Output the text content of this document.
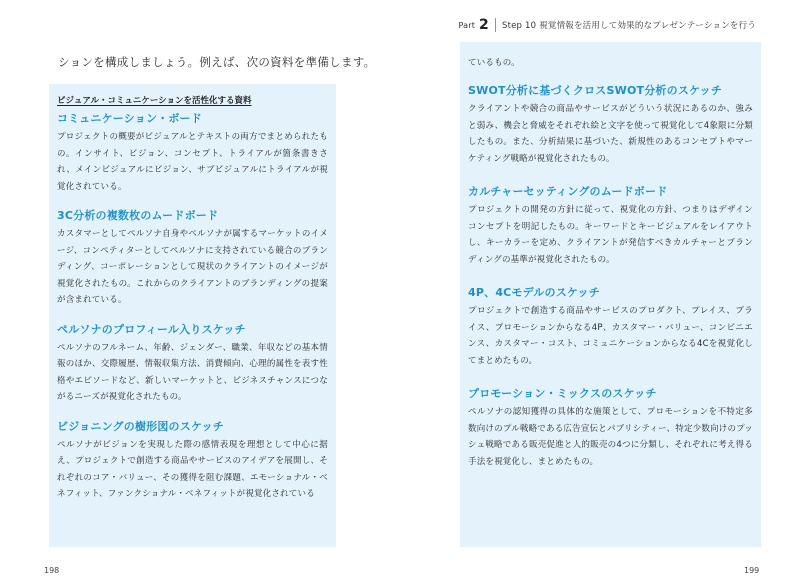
Part 2 Step 10 視覚情報を活用して効果的なプレゼンテーションを行う
ションを構成しましょう。例えば、次の資料を準備します。
ビジュアル・コミュニケーションを活性化する資料
コミュニケーション・ボード
プロジェクトの概要がビジュアルとテキストの両方でまとめられたもの。インサイト、ビジョン、コンセプト、トライアルが箇条書きされ、メインビジュアルにビジョン、サブビジュアルにトライアルが視覚化されている。
3C分析の複数枚のムードボード
カスタマーとしてペルソナ自身やペルソナが属するマーケットのイメージ、コンペティターとしてペルソナに支持されている競合のブランディング、コーポレーションとして現状のクライアントのイメージが視覚化されたもの。これからのクライアントのブランディングの提案が含まれている。
ペルソナのプロフィール入りスケッチ
ペルソナのフルネーム、年齢、ジェンダー、職業、年収などの基本情報のほか、交際履歴、情報収集方法、消費傾向、心理的属性を表す性格やエピソードなど、新しいマーケットと、ビジネスチャンスにつながるニーズが視覚化されたもの。
ビジョニングの樹形図のスケッチ
ペルソナがビジョンを実現した際の感情表現を理想として中心に据え、プロジェクトで創造する商品やサービスのアイデアを展開し、それぞれのコア・バリュー、その獲得を阻む課題、エモーショナル・ベネフィット、ファンクショナル・ベネフィットが視覚化されている
ているもの。
SWOT分析に基づくクロスSWOT分析のスケッチ
クライアントや競合の商品やサービスがどういう状況にあるのか、強みと弱み、機会と脅威をそれぞれ絵と文字を使って視覚化して4象限に分類したもの。また、分析結果に基づいた、新規性のあるコンセプトやマーケティング戦略が視覚化されたもの。
カルチャーセッティングのムードボード
プロジェクトの開発の方針に従って、視覚化の方針、つまりはデザインコンセプトを明記したもの。キーワードとキービジュアルをレイアウトし、キーカラーを定め、クライアントが発信すべきカルチャーとブランディングの基準が視覚化されたもの。
4P、4Cモデルのスケッチ
プロジェクトで創造する商品やサービスのプロダクト、プレイス、プライス、プロモーションからなる4P、カスタマー・バリュー、コンビニエンス、カスタマー・コスト、コミュニケーションからなる4Cを視覚化してまとめたもの。
プロモーション・ミックスのスケッチ
ペルソナの認知獲得の具体的な施策として、プロモーションを不特定多数向けのプル戦略である広告宣伝とパブリシティー、特定少数向けのプッシュ戦略である販売促進と人的販売の4つに分類し、それぞれに考え得る手法を視覚化し、まとめたもの。
198	199
